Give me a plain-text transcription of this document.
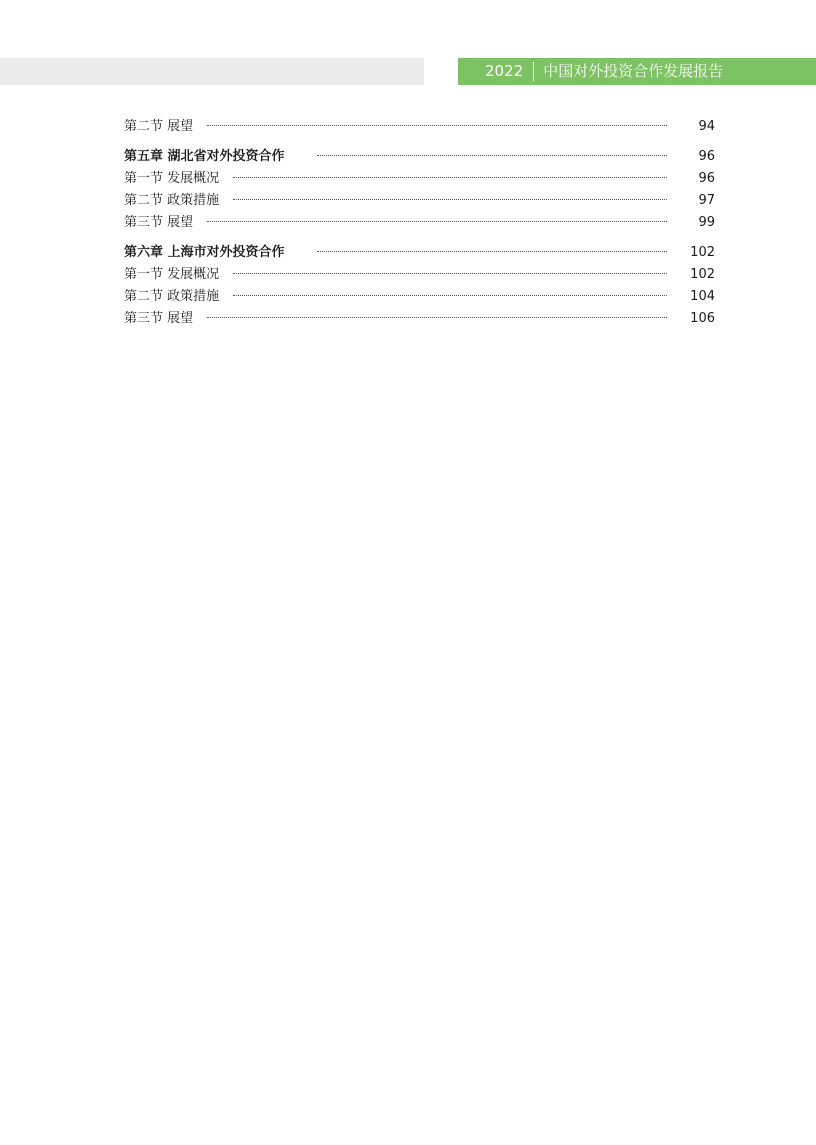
2022 中国对外投资合作发展报告
第二节 展望	94
第五章 湖北省对外投资合作	96
第一节 发展概况	96
第二节 政策措施	97
第三节 展望	99
第六章 上海市对外投资合作	102
第一节 发展概况	102
第二节 政策措施	104
第三节 展望	106
